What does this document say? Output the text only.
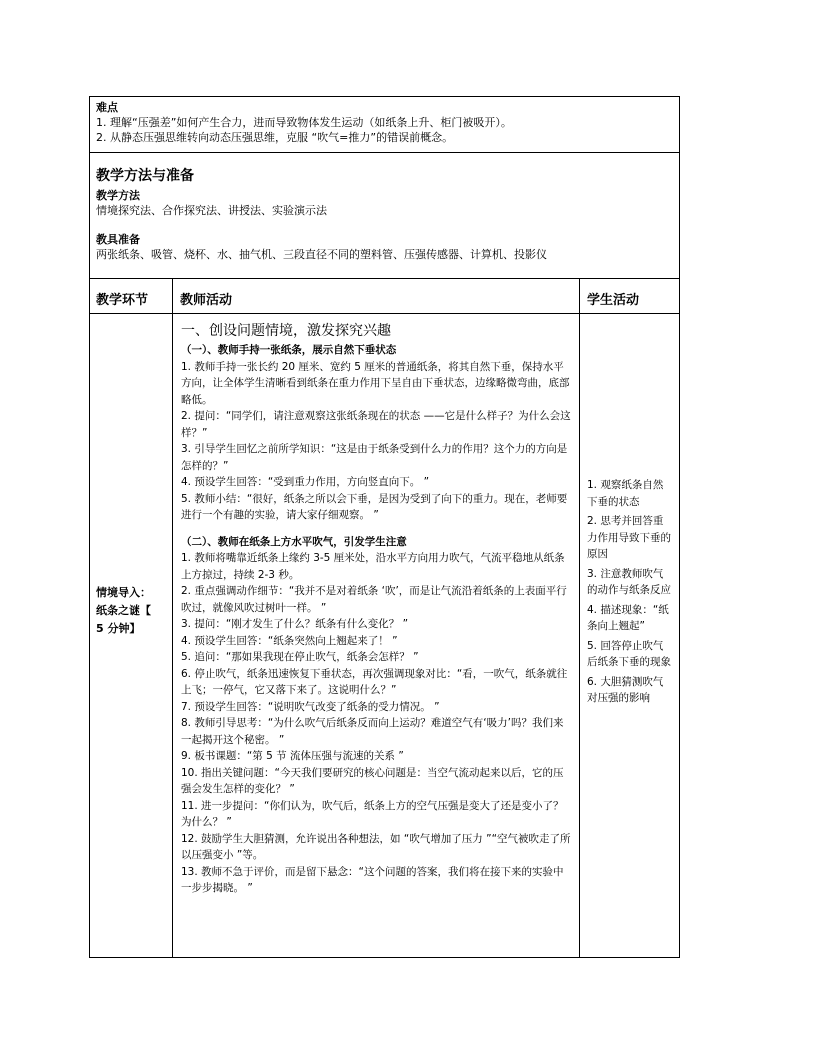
难点
1. 理解“压强差”如何产生合力，进而导致物体发生运动（如纸条上升、柜门被吸开）。
2. 从静态压强思维转向动态压强思维，克服 “吹气=推力”的错误前概念。
教学方法与准备
教学方法
情境探究法、合作探究法、讲授法、实验演示法
教具准备
两张纸条、吸管、烧杯、水、抽气机、三段直径不同的塑料管、压强传感器、计算机、投影仪
教学环节 教师活动	学生活动
情境导入：
纸条之谜【
5 分钟】
一、创设问题情境，激发探究兴趣

（一）、教师手持一张纸条，展示自然下垂状态

1. 教师手持一张长约 20 厘米、宽约 5 厘米的普通纸条，将其自然下垂，保持水平方向，让全体学生清晰看到纸条在重力作用下呈自由下垂状态，边缘略微弯曲，底部略低。

2. 提问：“同学们，请注意观察这张纸条现在的状态 ——它是什么样子？为什么会这样？”

3. 引导学生回忆之前所学知识：“这是由于纸条受到什么力的作用？这个力的方向是怎样的？”

4. 预设学生回答：“受到重力作用，方向竖直向下。 ”

5. 教师小结：“很好，纸条之所以会下垂，是因为受到了向下的重力。现在，老师要进行一个有趣的实验，请大家仔细观察。 ”

（二）、教师在纸条上方水平吹气，引发学生注意

1. 教师将嘴靠近纸条上缘约 3-5 厘米处，沿水平方向用力吹气，气流平稳地从纸条上方掠过，持续 2-3 秒。

2. 重点强调动作细节：“我并不是对着纸条 ‘吹’，而是让气流沿着纸条的上表面平行吹过，就像风吹过树叶一样。 ”

3. 提问：“刚才发生了什么？纸条有什么变化？ ”

4. 预设学生回答：“纸条突然向上翘起来了！ ”

5. 追问：“那如果我现在停止吹气，纸条会怎样？ ”

6. 停止吹气，纸条迅速恢复下垂状态，再次强调现象对比：“看，一吹气，纸条就往上飞；一停气，它又落下来了。这说明什么？”

7. 预设学生回答：“说明吹气改变了纸条的受力情况。 ”

8. 教师引导思考：“为什么吹气后纸条反而向上运动？难道空气有‘吸力’吗？我们来一起揭开这个秘密。 ”

9. 板书课题：“第 5 节 流体压强与流速的关系 ”

10. 指出关键问题：“今天我们要研究的核心问题是：当空气流动起来以后，它的压强会发生怎样的变化？ ”

11. 进一步提问：“你们认为，吹气后，纸条上方的空气压强是变大了还是变小了？为什么？ ”

12. 鼓励学生大胆猜测，允许说出各种想法，如 “吹气增加了压力 ”“空气被吹走了所以压强变小 ”等。

13. 教师不急于评价，而是留下悬念：“这个问题的答案，我们将在接下来的实验中一步步揭晓。 ”

1. 观察纸条自然下垂的状态

2. 思考并回答重力作用导致下垂的原因

3. 注意教师吹气的动作与纸条反应

4. 描述现象：“纸条向上翘起”

5. 回答停止吹气后纸条下垂的现象

6. 大胆猜测吹气对压强的影响
